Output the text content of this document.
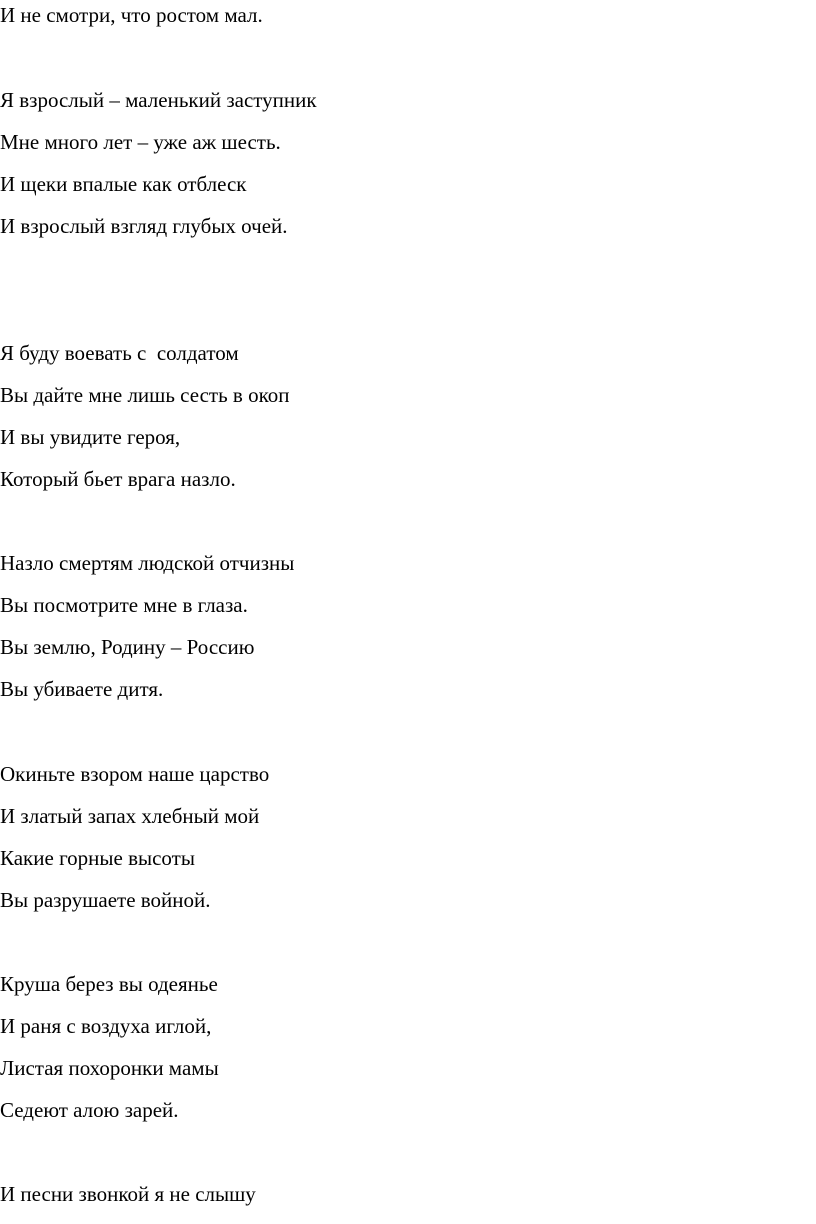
И не смотри, что ростом мал.
Я взрослый – маленький заступник
Мне много лет – уже аж шесть.
И щеки впалые как отблеск
И взрослый взгляд глубых очей.
Я буду воевать с  солдатом
Вы дайте мне лишь сесть в окоп
И вы увидите героя,
Который бьет врага назло.
Назло смертям людской отчизны
Вы посмотрите мне в глаза.
Вы землю, Родину – Россию
Вы убиваете дитя.
Окиньте взором наше царство
И златый запах хлебный мой
Какие горные высоты
Вы разрушаете войной.
Круша берез вы одеянье
И раня с воздуха иглой,
Листая похоронки мамы
Седеют алою зарей.
И песни звонкой я не слышу
